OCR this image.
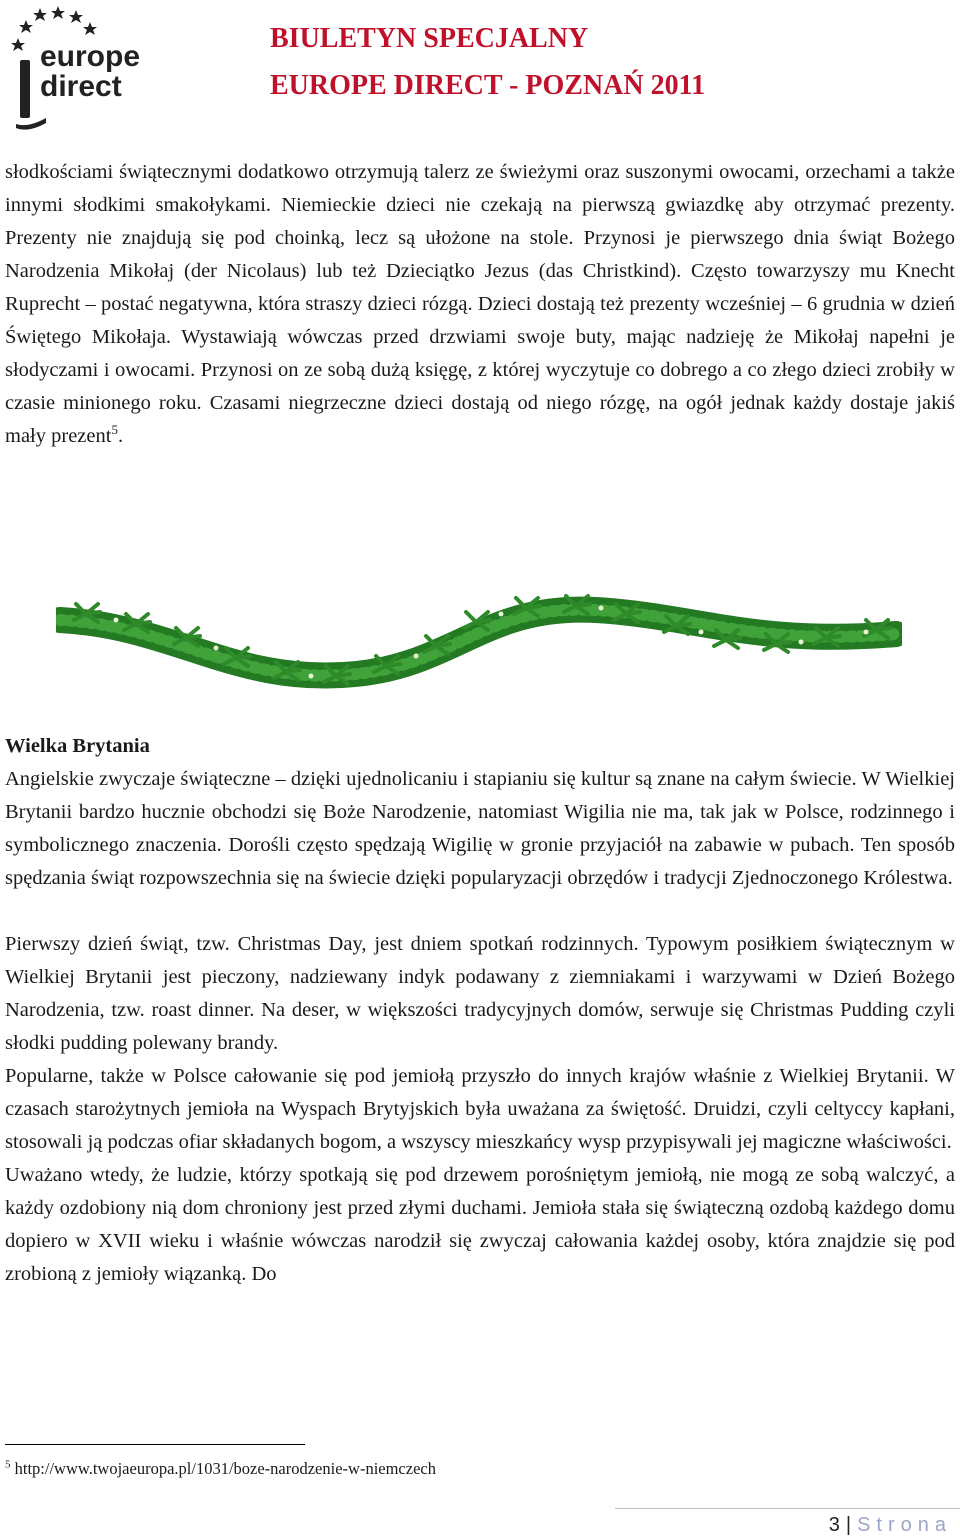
europe
direct
BIULETYN SPECJALNY
EUROPE DIRECT - POZNAŃ 2011

słodkościami świątecznymi dodatkowo otrzymują talerz ze świeżymi oraz suszonymi owocami, orzechami a także innymi słodkimi smakołykami. Niemieckie dzieci nie czekają na pierwszą gwiazdkę aby otrzymać prezenty. Prezenty nie znajdują się pod choinką, lecz są ułożone na stole. Przynosi je pierwszego dnia świąt Bożego Narodzenia Mikołaj (der Nicolaus) lub też Dzieciątko Jezus (das Christkind). Często towarzyszy mu Knecht Ruprecht – postać negatywna, która straszy dzieci rózgą. Dzieci dostają też prezenty wcześniej – 6 grudnia w dzień Świętego Mikołaja. Wystawiają wówczas przed drzwiami swoje buty, mając nadzieję że Mikołaj napełni je słodyczami i owocami. Przynosi on ze sobą dużą księgę, z której wyczytuje co dobrego a co złego dzieci zrobiły w czasie minionego roku. Czasami niegrzeczne dzieci dostają od niego rózgę, na ogół jednak każdy dostaje jakiś mały prezent$^5$.

Wielka Brytania

Angielskie zwyczaje świąteczne – dzięki ujednolicaniu i stapianiu się kultur są znane na całym świecie. W Wielkiej Brytanii bardzo hucznie obchodzi się Boże Narodzenie, natomiast Wigilia nie ma, tak jak w Polsce, rodzinnego i symbolicznego znaczenia. Dorośli często spędzają Wigilię w gronie przyjaciół na zabawie w pubach. Ten sposób spędzania świąt rozpowszechnia się na świecie dzięki popularyzacji obrzędów i tradycji Zjednoczonego Królestwa.

Pierwszy dzień świąt, tzw. Christmas Day, jest dniem spotkań rodzinnych. Typowym posiłkiem świątecznym w Wielkiej Brytanii jest pieczony, nadziewany indyk podawany z ziemniakami i warzywami w Dzień Bożego Narodzenia, tzw. roast dinner. Na deser, w większości tradycyjnych domów, serwuje się Christmas Pudding czyli słodki pudding polewany brandy.

Popularne, także w Polsce całowanie się pod jemiołą przyszło do innych krajów właśnie z Wielkiej Brytanii. W czasach starożytnych jemioła na Wyspach Brytyjskich była uważana za świętość. Druidzi, czyli celtyccy kapłani, stosowali ją podczas ofiar składanych bogom, a wszyscy mieszkańcy wysp przypisywali jej magiczne właściwości.

Uważano wtedy, że ludzie, którzy spotkają się pod drzewem porośniętym jemiołą, nie mogą ze sobą walczyć, a każdy ozdobiony nią dom chroniony jest przed złymi duchami. Jemioła stała się świąteczną ozdobą każdego domu dopiero w XVII wieku i właśnie wówczas narodził się zwyczaj całowania każdej osoby, która znajdzie się pod zrobioną z jemioły wiązanką. Do

$^5$ http://www.twojaeuropa.pl/1031/boze-narodzenie-w-niemczech
3 | Strona
